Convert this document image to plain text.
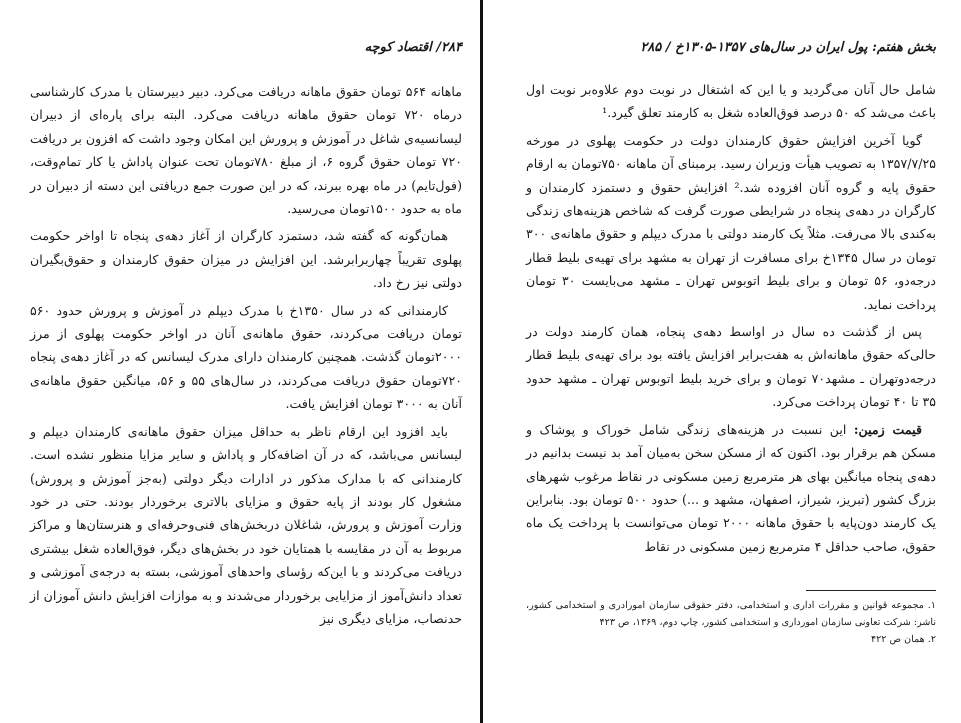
۲۸۴/ اقتصاد کوچه

ماهانه ۵۶۴ تومان حقوق ماهانه دریافت می‌کرد. دبیر دبیرستان با مدرک کارشناسی درماه ۷۲۰ تومان حقوق ماهانه دریافت می‌کرد. البته برای پاره‌ای از دبیران لیسانسیه‌ی شاغل در آموزش و پرورش این امکان وجود داشت که افزون بر دریافت ۷۲۰ تومان حقوق گروه ۶، از مبلغ ۷۸۰تومان تحت عنوان پاداش یا کار تمام‌وقت، (فول‌تایم) در ماه بهره ببرند، که در این صورت جمع دریافتی این دسته از دبیران در ماه به حدود ۱۵۰۰تومان می‌رسید.

همان‌گونه که گفته شد، دستمزد کارگران از آغاز دهه‌ی پنجاه تا اواخر حکومت پهلوی تقریباً چهاربرابرشد. این افزایش در میزان حقوق کارمندان و حقوق‌بگیران دولتی نیز رخ داد.

کارمندانی که در سال ۱۳۵۰خ با مدرک دیپلم در آموزش و پرورش حدود ۵۶۰ تومان دریافت می‌کردند، حقوق ماهانه‌ی آنان در اواخر حکومت پهلوی از مرز ۲۰۰۰تومان گذشت. همچنین کارمندان دارای مدرک لیسانس که در آغاز دهه‌ی پنجاه ۷۲۰تومان حقوق دریافت می‌کردند، در سال‌های ۵۵ و ۵۶، میانگین حقوق ماهانه‌ی آنان به ۳۰۰۰ تومان افزایش یافت.

باید افزود این ارقام ناظر به حداقل میزان حقوق ماهانه‌ی کارمندان دیپلم و لیسانس می‌باشد، که در آن اضافه‌کار و پاداش و سایر مزایا منظور نشده است. کارمندانی که با مدارک مذکور در ادارات دیگر دولتی (به‌جز آموزش و پرورش) مشغول کار بودند از پایه حقوق و مزایای بالاتری برخوردار بودند. حتی در خود وزارت آموزش و پرورش، شاغلان دربخش‌های فنی‌وحرفه‌ای و هنرستان‌ها و مراکز مربوط به آن در مقایسه با همتایان خود در بخش‌های دیگر، فوق‌العاده شغل بیشتری دریافت می‌کردند و با این‌که رؤسای واحدهای آموزشی، بسته به درجه‌ی آموزشی و تعداد دانش‌آموز از مزایایی برخوردار می‌شدند و به موازات افزایش دانش آموزان از حدنصاب، مزایای دیگری نیز

بخش هفتم: پول ایران در سال‌های ۱۳۵۷-۱۳۰۵خ / ۲۸۵

شامل حال آنان می‌گردید و یا این که اشتغال در نوبت دوم علاوه‌بر نوبت اول باعث می‌شد که ۵۰ درصد فوق‌العاده شغل به کارمند تعلق گیرد.¹

گویا آخرین افزایش حقوق کارمندان دولت در حکومت پهلوی در مورخه ۱۳۵۷/۷/۲۵ به تصویب هیأت وزیران رسید. برمبنای آن ماهانه ۷۵۰تومان به ارقام حقوق پایه و گروه آنان افزوده شد.² افزایش حقوق و دستمزد کارمندان و کارگران در دهه‌ی پنجاه در شرایطی صورت گرفت که شاخص هزینه‌های زندگی به‌کندی بالا می‌رفت. مثلاً یک کارمند دولتی با مدرک دیپلم و حقوق ماهانه‌ی ۳۰۰ تومان در سال ۱۳۴۵خ برای مسافرت از تهران به مشهد برای تهیه‌ی بلیط قطار درجه‌دو، ۵۶ تومان و برای بلیط اتوبوس تهران ـ مشهد می‌بایست ۳۰ تومان پرداخت نماید.

پس از گذشت ده سال در اواسط دهه‌ی پنجاه، همان کارمند دولت در حالی‌که حقوق ماهانه‌اش به هفت‌برابر افزایش یافته بود برای تهیه‌ی بلیط قطار درجه‌دوتهران ـ مشهد۷۰ تومان و برای خرید بلیط اتوبوس تهران ـ مشهد حدود ۳۵ تا ۴۰ تومان پرداخت می‌کرد.

قیمت زمین: این نسبت در هزینه‌های زندگی شامل خوراک و پوشاک و مسکن هم برقرار بود. اکنون که از مسکن سخن به‌میان آمد بد نیست بدانیم در دهه‌ی پنجاه میانگین بهای هر مترمربع زمین مسکونی در نقاط مرغوب شهرهای بزرگ کشور (تبریز، شیراز، اصفهان، مشهد و ...) حدود ۵۰۰ تومان بود. بنابراین یک کارمند دون‌پایه با حقوق ماهانه ۲۰۰۰ تومان می‌توانست با پرداخت یک ماه حقوق، صاحب حداقل ۴ مترمربع زمین مسکونی در نقاط

۱. مجموعه قوانین و مقررات اداری و استخدامی، دفتر حقوقی سازمان امورادری و استخدامی کشور، ناشر: شرکت تعاونی سازمان امورداری و استخدامی کشور، چاپ دوم، ۱۳۶۹، ص ۴۲۳

۲. همان ص ۴۲۲
